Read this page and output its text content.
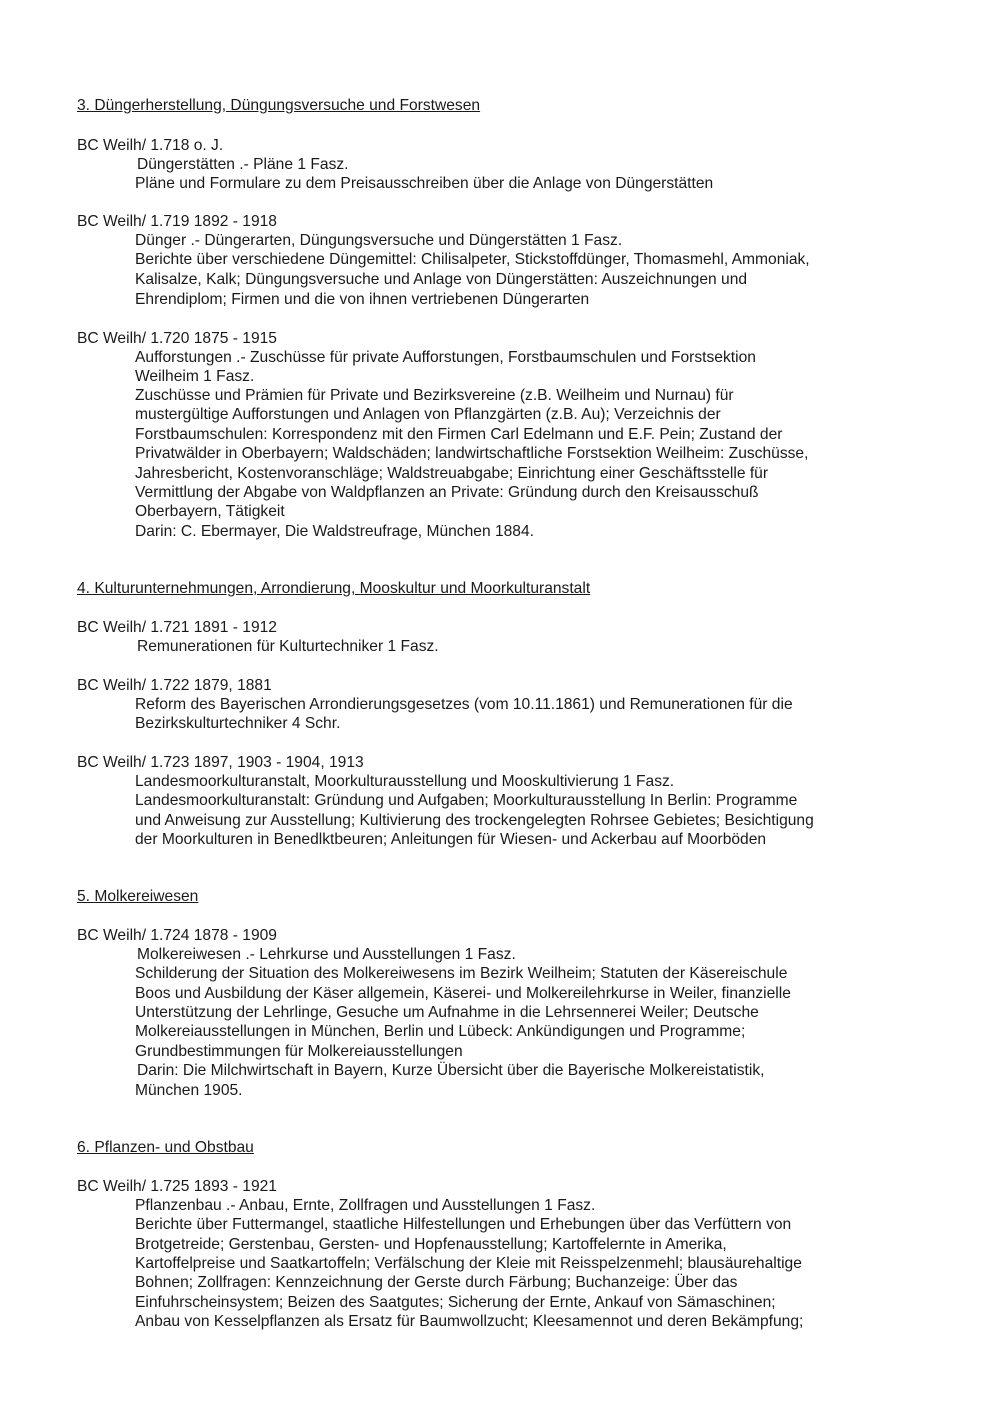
3. Düngerherstellung, Düngungsversuche und Forstwesen
BC Weilh/ 1.718 o. J.
Düngerstätten .- Pläne 1 Fasz.
Pläne und Formulare zu dem Preisausschreiben über die Anlage von Düngerstätten
BC Weilh/ 1.719 1892 - 1918
Dünger .- Düngerarten, Düngungsversuche und Düngerstätten 1 Fasz.
Berichte über verschiedene Düngemittel: Chilisalpeter, Stickstoffdünger, Thomasmehl, Ammoniak,
Kalisalze, Kalk; Düngungsversuche und Anlage von Düngerstätten: Auszeichnungen und
Ehrendiplom; Firmen und die von ihnen vertriebenen Düngerarten
BC Weilh/ 1.720 1875 - 1915
Aufforstungen .- Zuschüsse für private Aufforstungen, Forstbaumschulen und Forstsektion
Weilheim 1 Fasz.
Zuschüsse und Prämien für Private und Bezirksvereine (z.B. Weilheim und Nurnau) für
mustergültige Aufforstungen und Anlagen von Pflanzgärten (z.B. Au); Verzeichnis der
Forstbaumschulen: Korrespondenz mit den Firmen Carl Edelmann und E.F. Pein; Zustand der
Privatwälder in Oberbayern; Waldschäden; landwirtschaftliche Forstsektion Weilheim: Zuschüsse,
Jahresbericht, Kostenvoranschläge; Waldstreuabgabe; Einrichtung einer Geschäftsstelle für
Vermittlung der Abgabe von Waldpflanzen an Private: Gründung durch den Kreisausschuß
Oberbayern, Tätigkeit
Darin: C. Ebermayer, Die Waldstreufrage, München 1884.
4. Kulturunternehmungen, Arrondierung, Mooskultur und Moorkulturanstalt
BC Weilh/ 1.721 1891 - 1912
Remunerationen für Kulturtechniker 1 Fasz.
BC Weilh/ 1.722 1879, 1881
Reform des Bayerischen Arrondierungsgesetzes (vom 10.11.1861) und Remunerationen für die
Bezirkskulturtechniker 4 Schr.
BC Weilh/ 1.723 1897, 1903 - 1904, 1913
Landesmoorkulturanstalt, Moorkulturausstellung und Mooskultivierung 1 Fasz.
Landesmoorkulturanstalt: Gründung und Aufgaben; Moorkulturausstellung In Berlin: Programme
und Anweisung zur Ausstellung; Kultivierung des trockengelegten Rohrsee Gebietes; Besichtigung
der Moorkulturen in Benedlktbeuren; Anleitungen für Wiesen- und Ackerbau auf Moorböden
5. Molkereiwesen
BC Weilh/ 1.724 1878 - 1909
Molkereiwesen .- Lehrkurse und Ausstellungen 1 Fasz.
Schilderung der Situation des Molkereiwesens im Bezirk Weilheim; Statuten der Käsereischule
Boos und Ausbildung der Käser allgemein, Käserei- und Molkereilehrkurse in Weiler, finanzielle
Unterstützung der Lehrlinge, Gesuche um Aufnahme in die Lehrsennerei Weiler; Deutsche
Molkereiausstellungen in München, Berlin und Lübeck: Ankündigungen und Programme;
Grundbestimmungen für Molkereiausstellungen
Darin: Die Milchwirtschaft in Bayern, Kurze Übersicht über die Bayerische Molkereistatistik,
München 1905.
6. Pflanzen- und Obstbau
BC Weilh/ 1.725 1893 - 1921
Pflanzenbau .- Anbau, Ernte, Zollfragen und Ausstellungen 1 Fasz.
Berichte über Futtermangel, staatliche Hilfestellungen und Erhebungen über das Verfüttern von
Brotgetreide; Gerstenbau, Gersten- und Hopfenausstellung; Kartoffelernte in Amerika,
Kartoffelpreise und Saatkartoffeln; Verfälschung der Kleie mit Reisspelzenmehl; blausäurehaltige
Bohnen; Zollfragen: Kennzeichnung der Gerste durch Färbung; Buchanzeige: Über das
Einfuhrscheinsystem; Beizen des Saatgutes; Sicherung der Ernte, Ankauf von Sämaschinen;
Anbau von Kesselpflanzen als Ersatz für Baumwollzucht; Kleesamennot und deren Bekämpfung;
